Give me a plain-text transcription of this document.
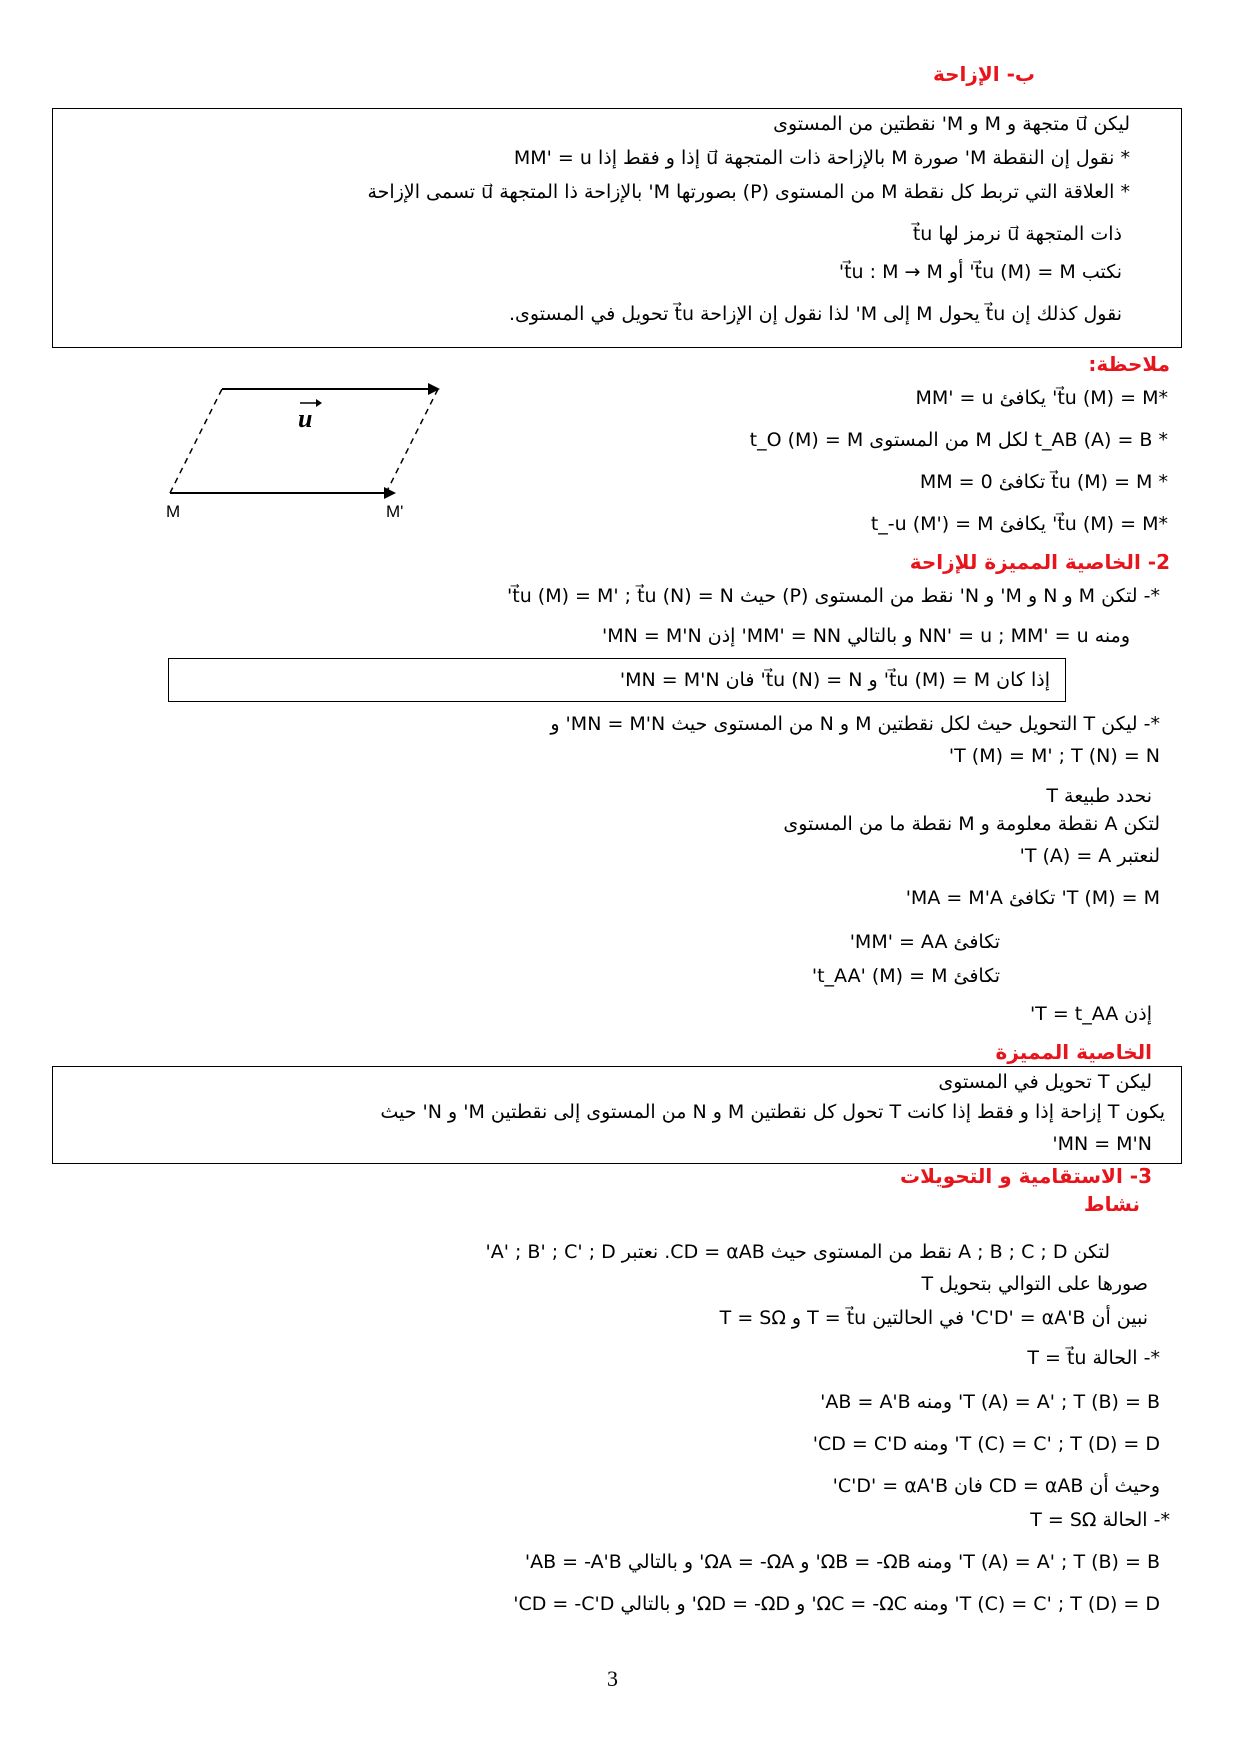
ب- الإزاحة
ليكن ⃗u متجهة و M و M' نقطتين من المستوى
* نقول إن النقطة M' صورة M بالإزاحة ذات المتجهة ⃗u إذا و فقط إذا MM' = u
* العلاقة التي تربط كل نقطة M من المستوى (P) بصورتها M' بالإزاحة ذا المتجهة ⃗u تسمى الإزاحة
ذات المتجهة ⃗u نرمز لها t⃗u
نكتب t⃗u (M) = M' أو t⃗u : M → M'
نقول كذلك إن t⃗u يحول M إلى M' لذا نقول إن الإزاحة t⃗u تحويل في المستوى.
ملاحظة:
u
M	M'
*t⃗u (M) = M' يكافئ MM' = u
* t_AB (A) = B لكل M من المستوى t_O (M) = M
* t⃗u (M) = M تكافئ MM = 0
*t⃗u (M) = M' يكافئ t_-u (M') = M
2- الخاصية المميزة للإزاحة
*- لتكن M و N و M' و N' نقط من المستوى (P) حيث t⃗u (M) = M' ; t⃗u (N) = N'
ومنه NN' = u ; MM' = u و بالتالي MM' = NN' إذن MN = M'N'
إذا كان t⃗u (M) = M' و t⃗u (N) = N' فان MN = M'N'
*- ليكن T التحويل حيث لكل نقطتين M و N من المستوى حيث MN = M'N' و
T (M) = M' ; T (N) = N'
نحدد طبيعة T
لتكن A نقطة معلومة و M نقطة ما من المستوى
لنعتبر T (A) = A'
T (M) = M' تكافئ MA = M'A'
تكافئ MM' = AA'
تكافئ t_AA' (M) = M'
إذن T = t_AA'
الخاصية المميزة
ليكن T تحويل في المستوى
يكون T إزاحة إذا و فقط إذا كانت T تحول كل نقطتين M و N من المستوى إلى نقطتين M' و N' حيث
MN = M'N'
3- الاستقامية و التحويلات
نشاط
لتكن A ; B ; C ; D نقط من المستوى حيث CD = αAB. نعتبر A' ; B' ; C' ; D'
صورها على التوالي بتحويل T
نبين أن C'D' = αA'B' في الحالتين T = t⃗u و T = SΩ
*- الحالة T = t⃗u
T (A) = A' ; T (B) = B' ومنه AB = A'B'
T (C) = C' ; T (D) = D' ومنه CD = C'D'
وحيث أن CD = αAB فان C'D' = αA'B'
*- الحالة T = SΩ
T (A) = A' ; T (B) = B' ومنه ΩB = -ΩB' و ΩA = -ΩA' و بالتالي AB = -A'B'
T (C) = C' ; T (D) = D' ومنه ΩC = -ΩC' و ΩD = -ΩD' و بالتالي CD = -C'D'
3
